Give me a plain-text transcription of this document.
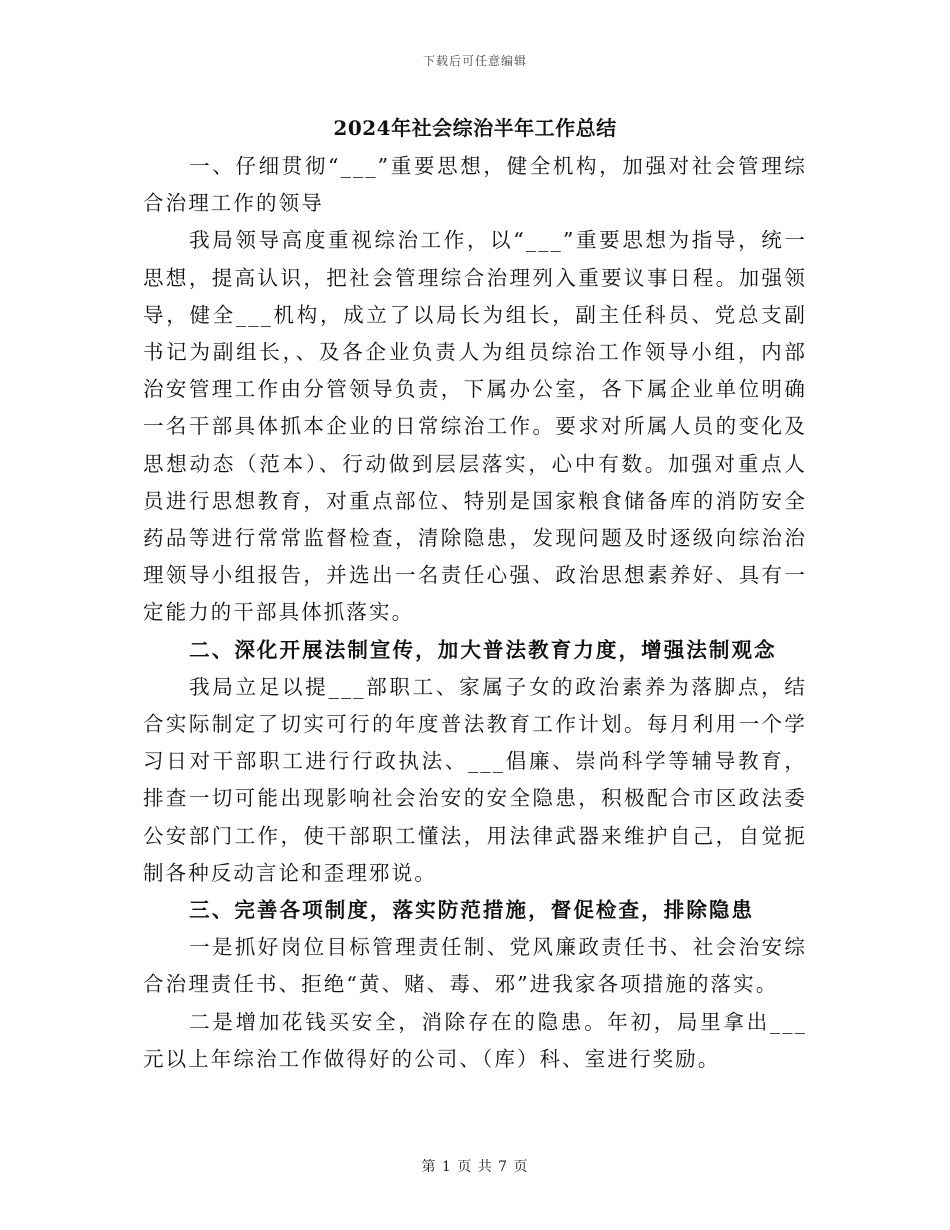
下载后可任意编辑
2024年社会综治半年工作总结

一、仔细贯彻“___”重要思想，健全机构，加强对社会管理综合治理工作的领导

我局领导高度重视综治工作，以“___”重要思想为指导，统一思想，提高认识，把社会管理综合治理列入重要议事日程。加强领导，健全___机构，成立了以局长为组长，副主任科员、党总支副书记为副组长，、及各企业负责人为组员综治工作领导小组，内部治安管理工作由分管领导负责，下属办公室，各下属企业单位明确一名干部具体抓本企业的日常综治工作。要求对所属人员的变化及思想动态（范本）、行动做到层层落实，心中有数。加强对重点人员进行思想教育，对重点部位、特别是国家粮食储备库的消防安全药品等进行常常监督检查，清除隐患，发现问题及时逐级向综治治理领导小组报告，并选出一名责任心强、政治思想素养好、具有一定能力的干部具体抓落实。

二、深化开展法制宣传，加大普法教育力度，增强法制观念

我局立足以提___部职工、家属子女的政治素养为落脚点，结合实际制定了切实可行的年度普法教育工作计划。每月利用一个学习日对干部职工进行行政执法、___倡廉、崇尚科学等辅导教育，排查一切可能出现影响社会治安的安全隐患，积极配合市区政法委公安部门工作，使干部职工懂法，用法律武器来维护自己，自觉扼制各种反动言论和歪理邪说。

三、完善各项制度，落实防范措施，督促检查，排除隐患

一是抓好岗位目标管理责任制、党风廉政责任书、社会治安综合治理责任书、拒绝“黄、赌、毒、邪”进我家各项措施的落实。

二是增加花钱买安全，消除存在的隐患。年初，局里拿出___元以上年综治工作做得好的公司、（库）科、室进行奖励。

第 1 页 共 7 页
